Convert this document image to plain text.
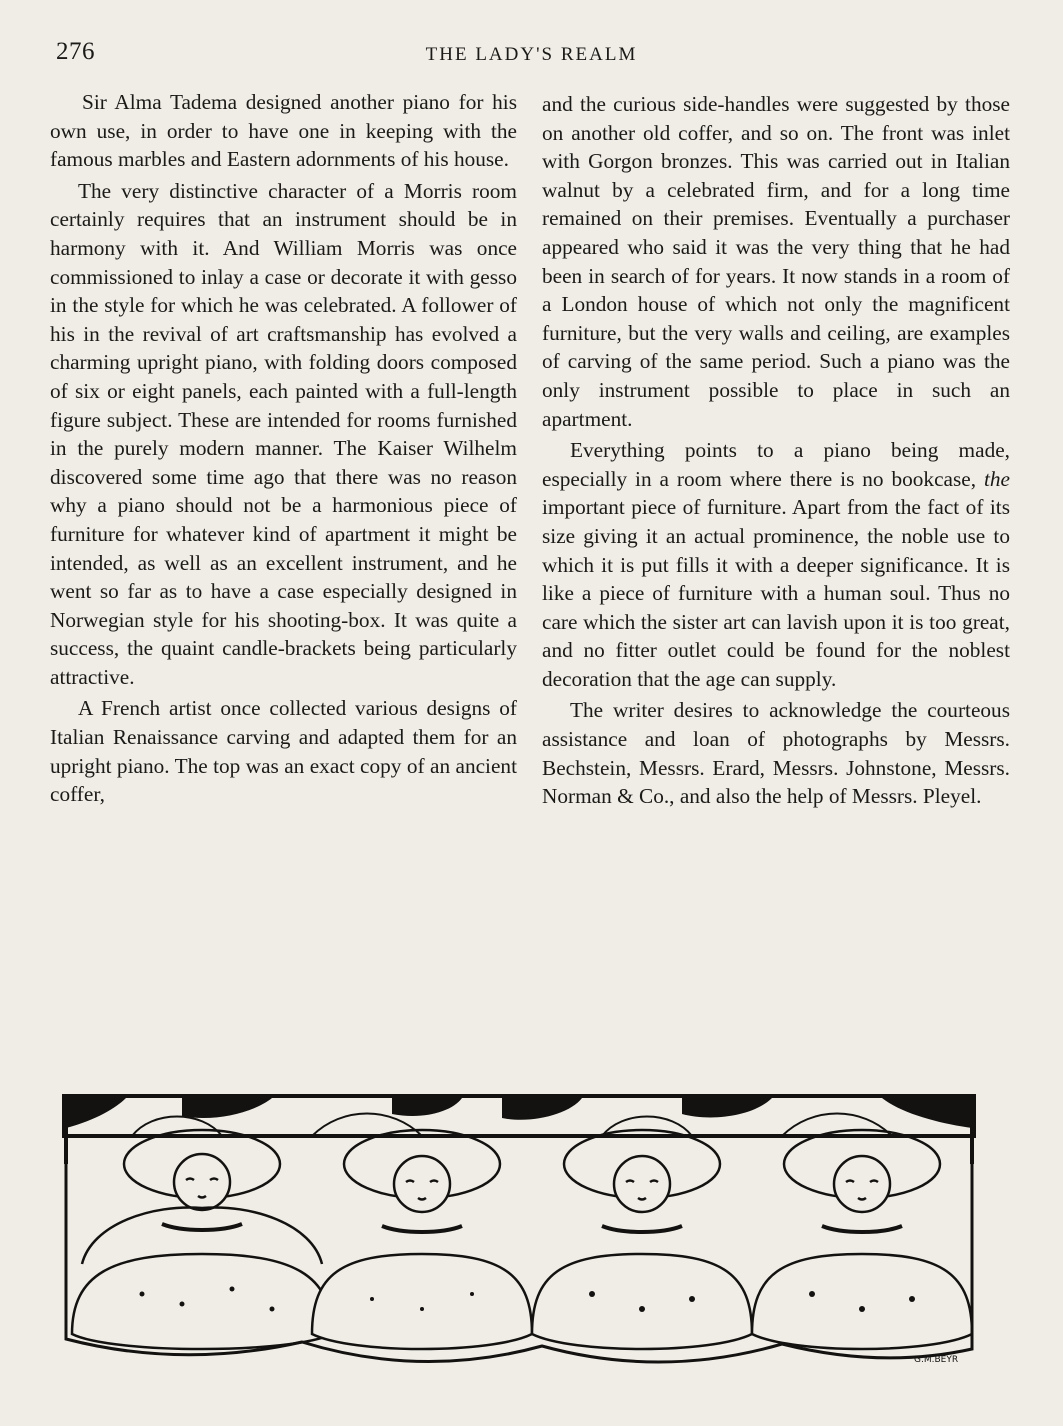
276	THE LADY'S REALM

Sir Alma Tadema designed another piano for his own use, in order to have one in keeping with the famous marbles and Eastern adornments of his house.

The very distinctive character of a Morris room certainly requires that an instrument should be in harmony with it. And William Morris was once commissioned to inlay a case or decorate it with gesso in the style for which he was celebrated. A follower of his in the revival of art craftsmanship has evolved a charming upright piano, with folding doors composed of six or eight panels, each painted with a full-length figure subject. These are intended for rooms furnished in the purely modern manner. The Kaiser Wilhelm discovered some time ago that there was no reason why a piano should not be a harmonious piece of furniture for whatever kind of apartment it might be intended, as well as an excellent instrument, and he went so far as to have a case especially designed in Norwegian style for his shooting-box. It was quite a success, the quaint candle-brackets being particularly attractive.

A French artist once collected various designs of Italian Renaissance carving and adapted them for an upright piano. The top was an exact copy of an ancient coffer,

and the curious side-handles were suggested by those on another old coffer, and so on. The front was inlet with Gorgon bronzes. This was carried out in Italian walnut by a celebrated firm, and for a long time remained on their premises. Eventually a purchaser appeared who said it was the very thing that he had been in search of for years. It now stands in a room of a London house of which not only the magnificent furniture, but the very walls and ceiling, are examples of carving of the same period. Such a piano was the only instrument possible to place in such an apartment.

Everything points to a piano being made, especially in a room where there is no bookcase, the important piece of furniture. Apart from the fact of its size giving it an actual prominence, the noble use to which it is put fills it with a deeper significance. It is like a piece of furniture with a human soul. Thus no care which the sister art can lavish upon it is too great, and no fitter outlet could be found for the noblest decoration that the age can supply.

The writer desires to acknowledge the courteous assistance and loan of photographs by Messrs. Bechstein, Messrs. Erard, Messrs. Johnstone, Messrs. Norman & Co., and also the help of Messrs. Pleyel.

G.M.BEYR
